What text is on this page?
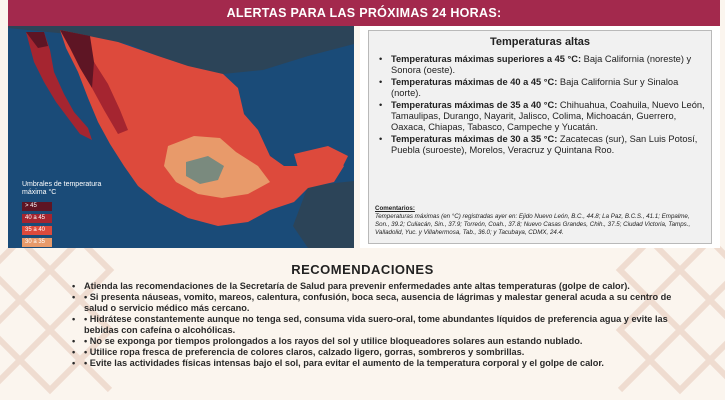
ALERTAS PARA LAS PRÓXIMAS 24 HORAS:
Umbrales de temperatura máxima °C
> 45
40 a 45
35 a 40
30 a 35
Temperaturas altas
• Temperaturas máximas superiores a 45 °C: Baja California (noreste) y Sonora (oeste).
• Temperaturas máximas de 40 a 45 °C: Baja California Sur y Sinaloa (norte).
• Temperaturas máximas de 35 a 40 °C: Chihuahua, Coahuila, Nuevo León, Tamaulipas, Durango, Nayarit, Jalisco, Colima, Michoacán, Guerrero, Oaxaca, Chiapas, Tabasco, Campeche y Yucatán.
• Temperaturas máximas de 30 a 35 °C: Zacatecas (sur), San Luis Potosí, Puebla (suroeste), Morelos, Veracruz y Quintana Roo.
Comentarios:
Temperaturas máximas (en °C) registradas ayer en: Ejido Nuevo León, B.C., 44.8; La Paz, B.C.S., 41.1; Empalme, Son., 39.2; Culiacán, Sin., 37.9; Torreón, Coah., 37.8; Nuevo Casas Grandes, Chih., 37.5; Ciudad Victoria, Tamps., Valladolid, Yuc. y Villahermosa, Tab., 36.0; y Tacubaya, CDMX, 24.4.
RECOMENDACIONES
• Atienda las recomendaciones de la Secretaría de Salud para prevenir enfermedades ante altas temperaturas (golpe de calor).
• • Si presenta náuseas, vomito, mareos, calentura, confusión, boca seca, ausencia de lágrimas y malestar general acuda a su centro de salud o servicio médico más cercano.
• • Hidrátese constantemente aunque no tenga sed, consuma vida suero-oral, tome abundantes líquidos de preferencia agua y evite las bebidas con cafeína o alcohólicas.
• • No se exponga por tiempos prolongados a los rayos del sol y utilice bloqueadores solares aun estando nublado.
• • Utilice ropa fresca de preferencia de colores claros, calzado ligero, gorras, sombreros y sombrillas.
• • Evite las actividades físicas intensas bajo el sol, para evitar el aumento de la temperatura corporal y el golpe de calor.
